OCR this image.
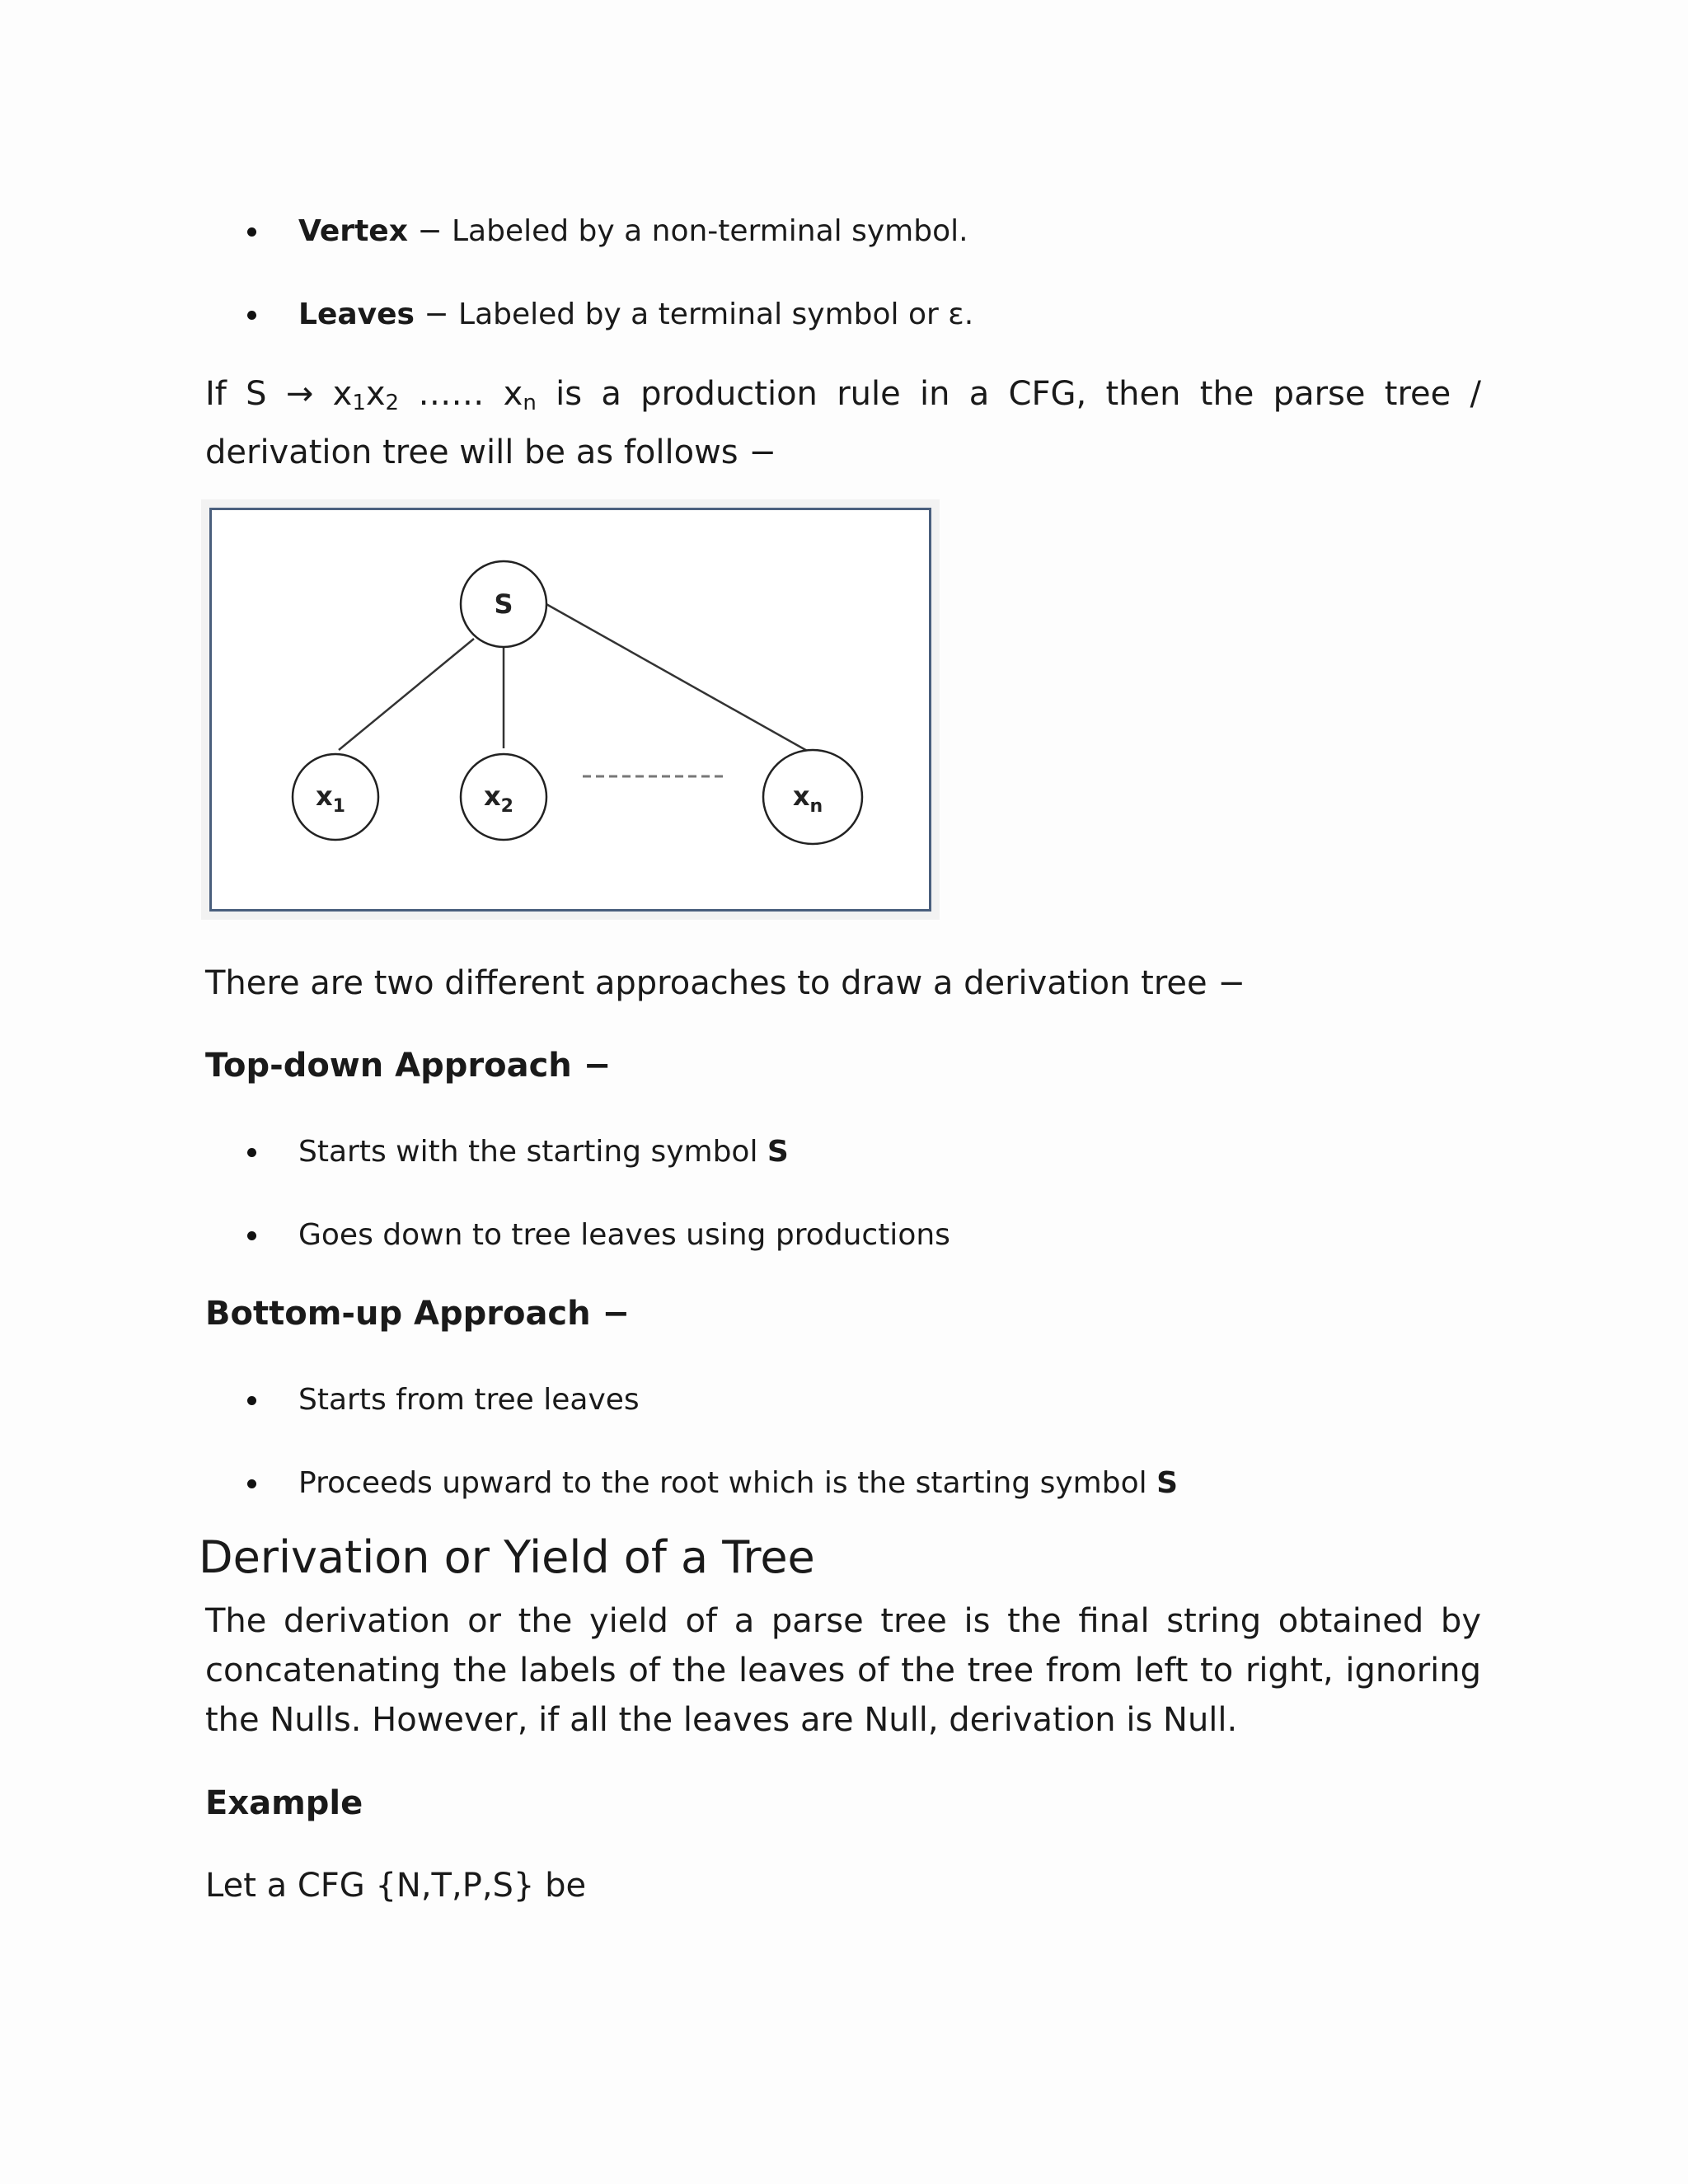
Vertex − Labeled by a non-terminal symbol.
Leaves − Labeled by a terminal symbol or ε.
If $S \to x_1x_2$ …… $x_n$ is a production rule in a CFG, then the parse tree /
derivation tree will be as follows −
S
$x_1$	$x_2$	$x_n$
There are two different approaches to draw a derivation tree −
Top-down Approach −
Starts with the starting symbol S
Goes down to tree leaves using productions
Bottom-up Approach −
Starts from tree leaves
Proceeds upward to the root which is the starting symbol S
Derivation or Yield of a Tree
The derivation or the yield of a parse tree is the final string obtained by
concatenating the labels of the leaves of the tree from left to right, ignoring
the Nulls. However, if all the leaves are Null, derivation is Null.
Example
Let a CFG {N,T,P,S} be
